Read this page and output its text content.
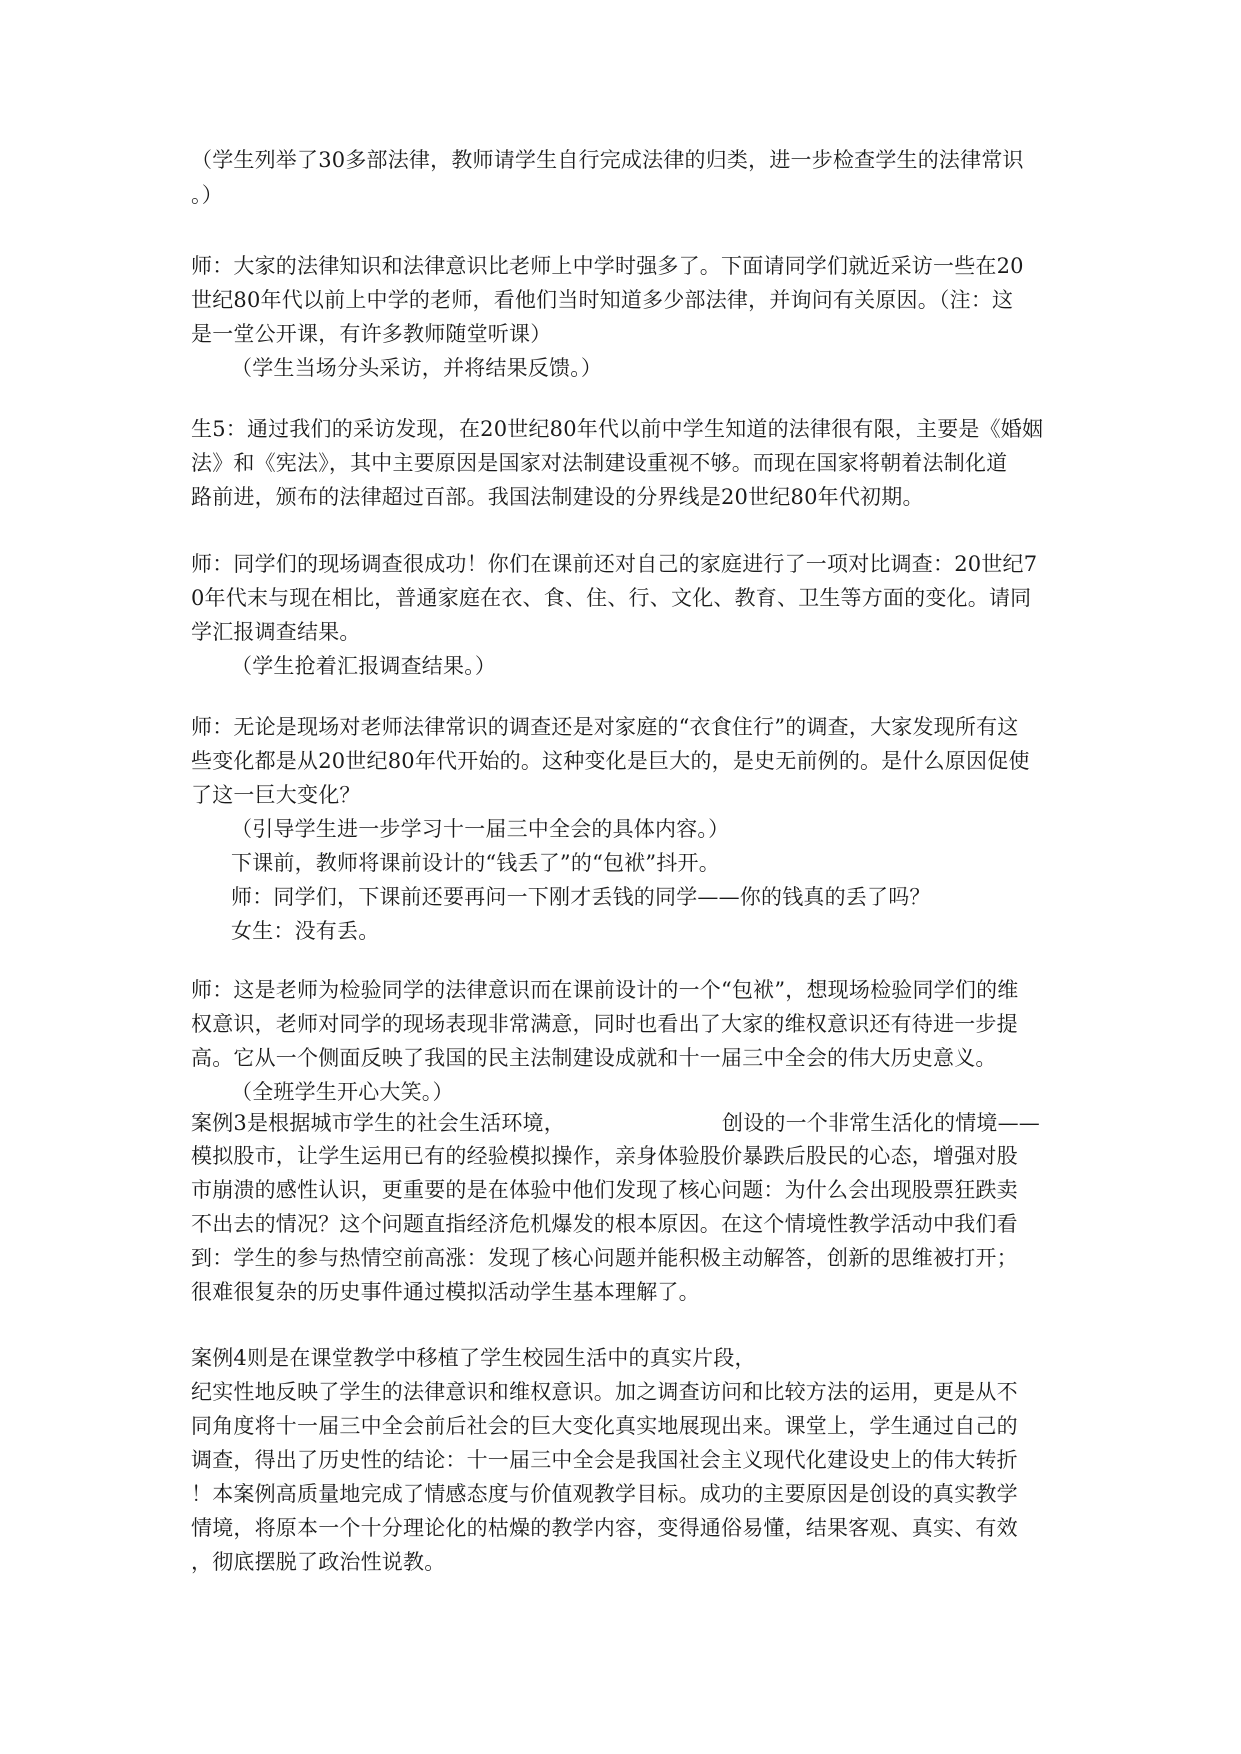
（学生列举了30多部法律，教师请学生自行完成法律的归类，进一步检查学生的法律常识

。）

师：大家的法律知识和法律意识比老师上中学时强多了。下面请同学们就近采访一些在20

世纪80年代以前上中学的老师，看他们当时知道多少部法律，并询问有关原因。（注：这

是一堂公开课，有许多教师随堂听课）

（学生当场分头采访，并将结果反馈。）

生5：通过我们的采访发现，在20世纪80年代以前中学生知道的法律很有限，主要是《婚姻

法》和《宪法》，其中主要原因是国家对法制建设重视不够。而现在国家将朝着法制化道

路前进，颁布的法律超过百部。我国法制建设的分界线是20世纪80年代初期。

师：同学们的现场调查很成功！你们在课前还对自己的家庭进行了一项对比调查：20世纪7

0年代末与现在相比，普通家庭在衣、食、住、行、文化、教育、卫生等方面的变化。请同

学汇报调查结果。

（学生抢着汇报调查结果。）

师：无论是现场对老师法律常识的调查还是对家庭的“衣食住行”的调查，大家发现所有这

些变化都是从20世纪80年代开始的。这种变化是巨大的，是史无前例的。是什么原因促使

了这一巨大变化？

（引导学生进一步学习十一届三中全会的具体内容。）

下课前，教师将课前设计的“钱丢了”的“包袱”抖开。

师：同学们，下课前还要再问一下刚才丢钱的同学——你的钱真的丢了吗？

女生：没有丢。

师：这是老师为检验同学的法律意识而在课前设计的一个“包袱”，想现场检验同学们的维

权意识，老师对同学的现场表现非常满意，同时也看出了大家的维权意识还有待进一步提

高。它从一个侧面反映了我国的民主法制建设成就和十一届三中全会的伟大历史意义。

（全班学生开心大笑。）

案例3是根据城市学生的社会生活环境，	创设的一个非常生活化的情境——

模拟股市，让学生运用已有的经验模拟操作，亲身体验股价暴跌后股民的心态，增强对股

市崩溃的感性认识，更重要的是在体验中他们发现了核心问题：为什么会出现股票狂跌卖

不出去的情况？这个问题直指经济危机爆发的根本原因。在这个情境性教学活动中我们看

到：学生的参与热情空前高涨：发现了核心问题并能积极主动解答，创新的思维被打开；

很难很复杂的历史事件通过模拟活动学生基本理解了。

案例4则是在课堂教学中移植了学生校园生活中的真实片段，

纪实性地反映了学生的法律意识和维权意识。加之调查访问和比较方法的运用，更是从不

同角度将十一届三中全会前后社会的巨大变化真实地展现出来。课堂上，学生通过自己的

调查，得出了历史性的结论：十一届三中全会是我国社会主义现代化建设史上的伟大转折

！本案例高质量地完成了情感态度与价值观教学目标。成功的主要原因是创设的真实教学

情境，将原本一个十分理论化的枯燥的教学内容，变得通俗易懂，结果客观、真实、有效

，彻底摆脱了政治性说教。
